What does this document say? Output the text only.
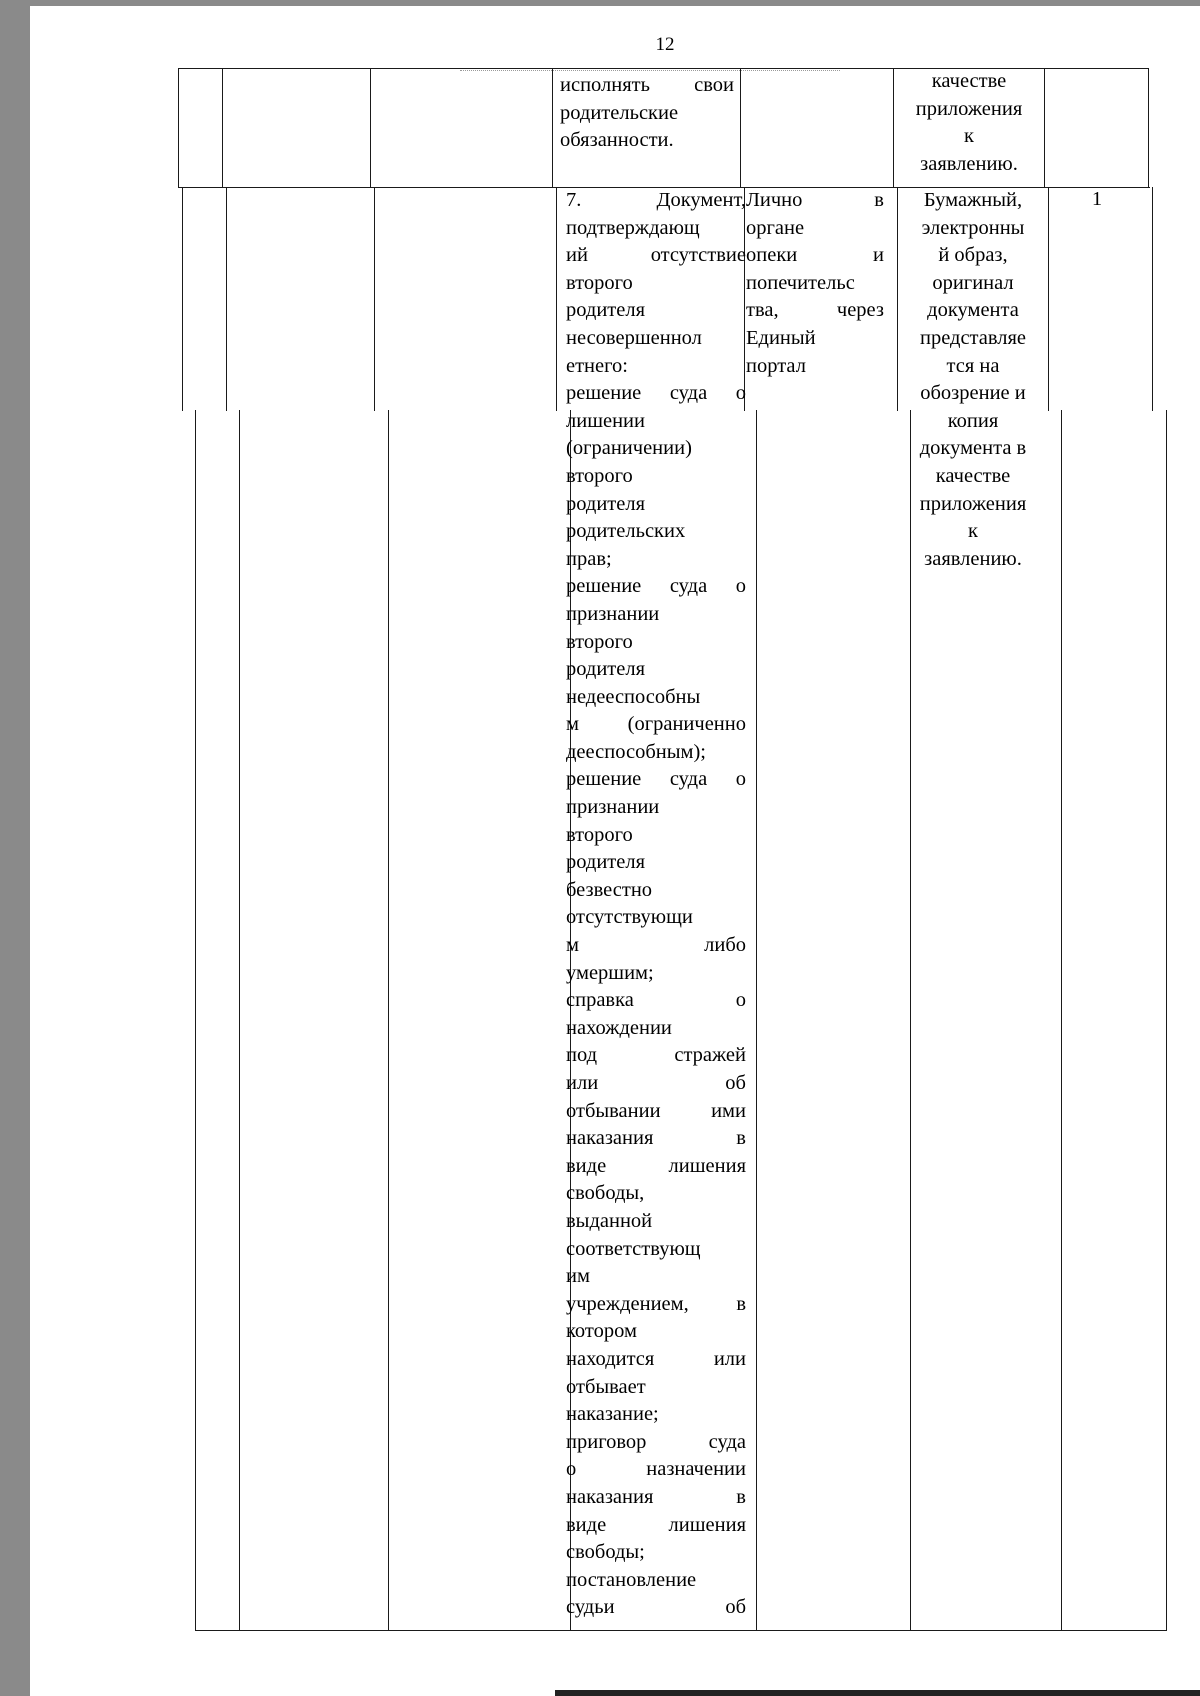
12
исполнять свои
родительские
обязанности.
качестве
приложения
к
заявлению.
7. Документ,
подтверждающ
ий отсутствие
второго
родителя
несовершеннол
етнего:
решение суда о
лишении
(ограничении)
второго
родителя
родительских
прав;
решение суда о
признании
второго
родителя
недееспособны
м (ограниченно
дееспособным);
решение суда о
признании
второго
родителя
безвестно
отсутствующи
м либо
умершим;
справка о
нахождении
под стражей
или об
отбывании ими
наказания в
виде лишения
свободы,
выданной
соответствующ
им
учреждением, в
котором
находится или
отбывает
наказание;
приговор суда
о назначении
наказания в
виде лишения
свободы;
постановление
судьи об
Лично в
органе
опеки и
попечительс
тва, через
Единый
портал
Бумажный,
электронны
й образ,
оригинал
документа
представляе
тся на
обозрение и
копия
документа в
качестве
приложения
к
заявлению.
1
